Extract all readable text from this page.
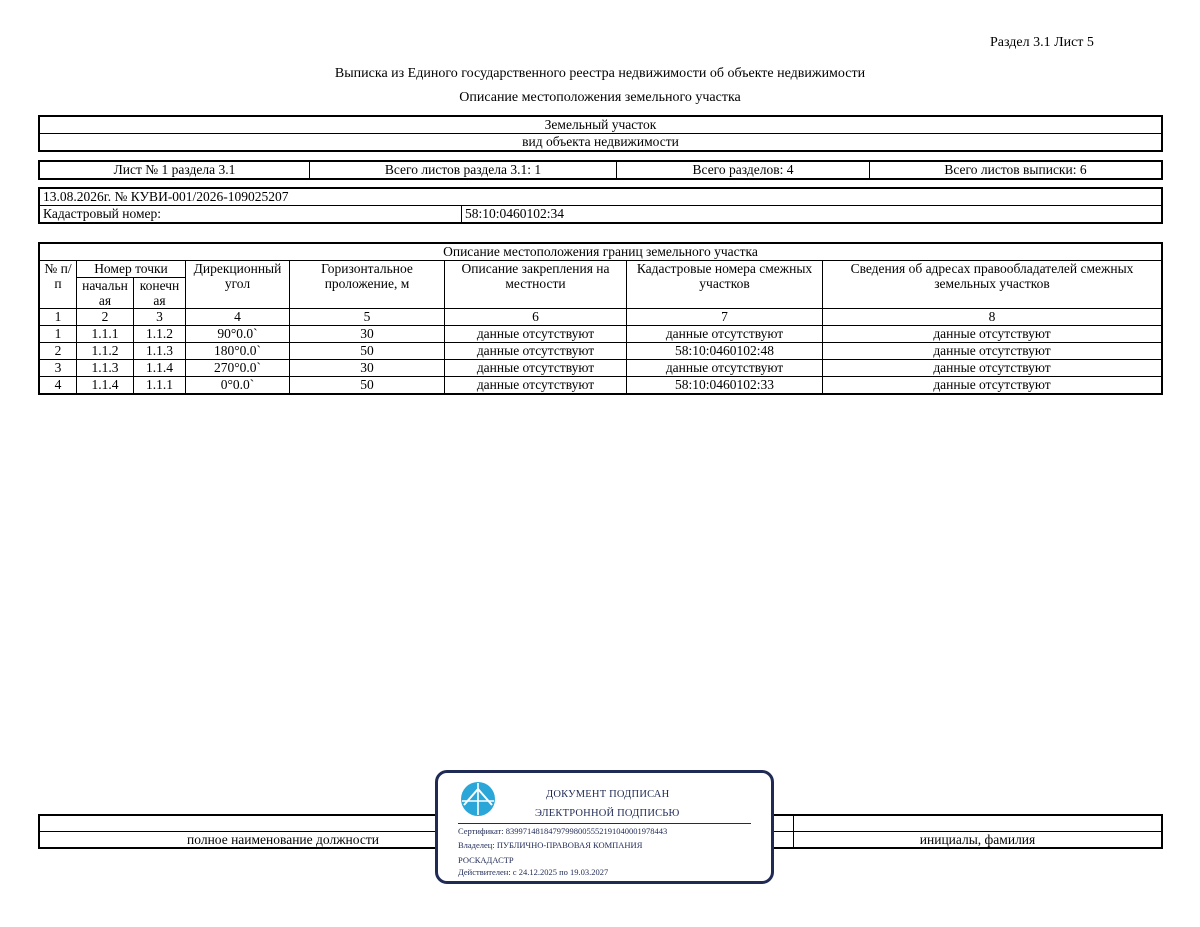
Раздел 3.1 Лист 5
Выписка из Единого государственного реестра недвижимости об объекте недвижимости
Описание местоположения земельного участка
Земельный участок
вид объекта недвижимости
Лист № 1 раздела 3.1	Всего листов раздела 3.1: 1	Всего разделов: 4	Всего листов выписки: 6
13.08.2026г. № КУВИ-001/2026-109025207
Кадастровый номер:	58:10:0460102:34
Описание местоположения границ земельного участка							
№ п/п	Номер точки		Дирекционный угол	Горизонтальное проложение, м	Описание закрепления на местности	Кадастровые номера смежных участков	Сведения об адресах правообладателей смежных земельных участков
	начальн ая	конечн ая					
1	2	3	4	5	6	7	8
1	1.1.1	1.1.2	90°0.0`	30	данные отсутствуют	данные отсутствуют	данные отсутствуют
2	1.1.2	1.1.3	180°0.0`	50	данные отсутствуют	58:10:0460102:48	данные отсутствуют
3	1.1.3	1.1.4	270°0.0`	30	данные отсутствуют	данные отсутствуют	данные отсутствуют
4	1.1.4	1.1.1	0°0.0`	50	данные отсутствуют	58:10:0460102:33	данные отсутствуют

полное наименование должности		инициалы, фамилия
ДОКУМЕНТ ПОДПИСАН
ЭЛЕКТРОННОЙ ПОДПИСЬЮ
Сертификат: 83997148184797998005552191040001978443
Владелец: ПУБЛИЧНО-ПРАВОВАЯ КОМПАНИЯ
РОСКАДАСТР
Действителен: с 24.12.2025 по 19.03.2027
